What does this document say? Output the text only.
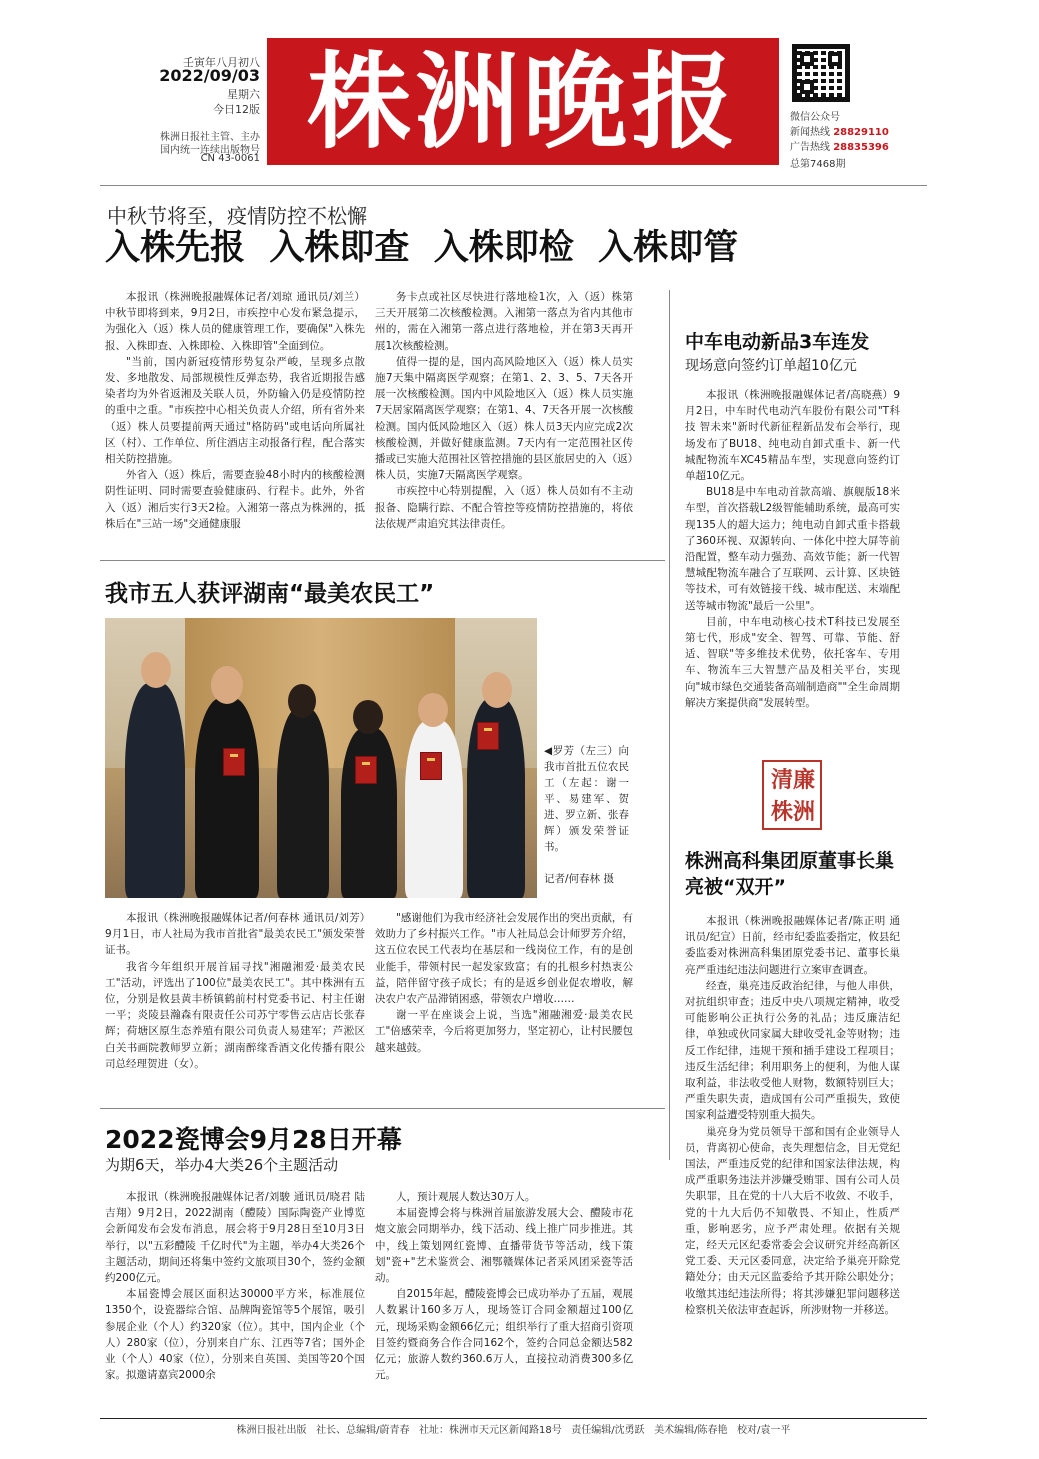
壬寅年八月初八
2022/09/03
星期六
今日12版
株洲日报社主管、主办
国内统一连续出版物号
CN 43-0061 株洲晚报	微信公众号
新闻热线 28829110
广告热线 28835396
总第7468期
中秋节将至，疫情防控不松懈
入株先报  入株即查  入株即检  入株即管

本报讯（株洲晚报融媒体记者/刘琼 通讯员/刘兰）中秋节即将到来，9月2日，市疾控中心发布紧急提示，为强化入（返）株人员的健康管理工作，要确保"入株先报、入株即查、入株即检、入株即管"全面到位。

"当前，国内新冠疫情形势复杂严峻，呈现多点散发、多地散发、局部规模性反弹态势，我省近期报告感染者均为外省返湘及关联人员，外防输入仍是疫情防控的重中之重。"市疾控中心相关负责人介绍，所有省外来（返）株人员要提前两天通过"格防码"或电话向所属社区（村）、工作单位、所住酒店主动报备行程，配合落实相关防控措施。

外省入（返）株后，需要查验48小时内的核酸检测阴性证明、同时需要查验健康码、行程卡。此外，外省入（返）湘后实行3天2检。入湘第一落点为株洲的，抵株后在"三站一场"交通健康服

务卡点或社区尽快进行落地检1次，入（返）株第三天开展第二次核酸检测。入湘第一落点为省内其他市州的，需在入湘第一落点进行落地检，并在第3天再开展1次核酸检测。

值得一提的是，国内高风险地区入（返）株人员实施7天集中隔离医学观察；在第1、2、3、5、7天各开展一次核酸检测。国内中风险地区入（返）株人员实施7天居家隔离医学观察；在第1、4、7天各开展一次核酸检测。国内低风险地区入（返）株人员3天内应完成2次核酸检测，并做好健康监测。7天内有一定范围社区传播或已实施大范围社区管控措施的县区旅居史的入（返）株人员，实施7天隔离医学观察。

市疾控中心特别提醒，入（返）株人员如有不主动报备、隐瞒行踪、不配合管控等疫情防控措施的，将依法依规严肃追究其法律责任。

中车电动新品3车连发
现场意向签约订单超10亿元

本报讯（株洲晚报融媒体记者/高晓燕）9月2日，中车时代电动汽车股份有限公司"T科技 智未来"新时代新征程新品发布会举行，现场发布了BU18、纯电动自卸式重卡、新一代城配物流车XC45精品车型，实现意向签约订单超10亿元。

BU18是中车电动首款高端、旗舰版18米车型，首次搭载L2级智能辅助系统，最高可实现135人的超大运力；纯电动自卸式重卡搭载了360环视、双源转向、一体化中控大屏等前沿配置，整车动力强劲、高效节能；新一代智慧城配物流车融合了互联网、云计算、区块链等技术，可有效链接干线、城市配送、末端配送等城市物流"最后一公里"。

目前，中车电动核心技术T科技已发展至第七代，形成"安全、智驾、可靠、节能、舒适、智联"等多维技术优势，依托客车、专用车、物流车三大智慧产品及相关平台，实现向"城市绿色交通装备高端制造商""全生命周期解决方案提供商"发展转型。

我市五人获评湖南“最美农民工”
◀罗芳（左三）向我市首批五位农民工（左起：谢一平、易建军、贺进、罗立新、张春辉）颁发荣誉证书。
记者/何春林 摄

本报讯（株洲晚报融媒体记者/何春林 通讯员/刘芳）9月1日，市人社局为我市首批省"最美农民工"颁发荣誉证书。

我省今年组织开展首届寻找"湘融湘爱·最美农民工"活动，评选出了100位"最美农民工"。其中株洲有五位，分别是攸县黄丰桥镇鹤前村村党委书记、村主任谢一平；炎陵县瀚森有限责任公司苏宁零售云店店长张春辉；荷塘区原生态养殖有限公司负责人易建军；芦淞区白关书画院教师罗立新；湖南醉缘香酒文化传播有限公司总经理贺进（女）。

"感谢他们为我市经济社会发展作出的突出贡献，有效助力了乡村振兴工作。"市人社局总会计师罗芳介绍，这五位农民工代表均在基层和一线岗位工作，有的是创业能手，带领村民一起发家致富；有的扎根乡村热衷公益，陪伴留守孩子成长；有的是返乡创业促农增收，解决农户农产品滞销困惑，带领农户增收……

谢一平在座谈会上说，当选"湘融湘爱·最美农民工"倍感荣幸，今后将更加努力，坚定初心，让村民腰包越来越鼓。

清廉株洲
株洲高科集团原董事长巢亮被“双开”

本报讯（株洲晚报融媒体记者/陈正明 通讯员/纪宣）日前，经市纪委监委指定，攸县纪委监委对株洲高科集团原党委书记、董事长巢亮严重违纪违法问题进行立案审查调查。

经查，巢亮违反政治纪律，与他人串供，对抗组织审查；违反中央八项规定精神，收受可能影响公正执行公务的礼品；违反廉洁纪律，单独或伙同家属大肆收受礼金等财物；违反工作纪律，违规干预和插手建设工程项目；违反生活纪律；利用职务上的便利，为他人谋取利益，非法收受他人财物，数额特别巨大；严重失职失责，造成国有公司严重损失，致使国家利益遭受特别重大损失。

巢亮身为党员领导干部和国有企业领导人员，背离初心使命，丧失理想信念，目无党纪国法，严重违反党的纪律和国家法律法规，构成严重职务违法并涉嫌受贿罪、国有公司人员失职罪，且在党的十八大后不收敛、不收手，党的十九大后仍不知敬畏、不知止，性质严重，影响恶劣，应予严肃处理。依据有关规定，经天元区纪委常委会会议研究并经高新区党工委、天元区委同意，决定给予巢亮开除党籍处分；由天元区监委给予其开除公职处分；收缴其违纪违法所得；将其涉嫌犯罪问题移送检察机关依法审查起诉，所涉财物一并移送。

2022瓷博会9月28日开幕
为期6天，举办4大类26个主题活动

本报讯（株洲晚报融媒体记者/刘駿 通讯员/晓君 陆吉翔）9月2日，2022湖南（醴陵）国际陶瓷产业博览会新闻发布会发布消息，展会将于9月28日至10月3日举行，以"五彩醴陵 千亿时代"为主题，举办4大类26个主题活动，期间还将集中签约文旅项目30个，签约金额约200亿元。

本届瓷博会展区面积达30000平方米，标准展位1350个，设瓷器综合馆、品牌陶瓷馆等5个展馆，吸引参展企业（个人）约320家（位）。其中，国内企业（个人）280家（位），分别来自广东、江西等7省；国外企业（个人）40家（位），分别来自英国、美国等20个国家。拟邀请嘉宾2000余

人，预计观展人数达30万人。

本届瓷博会将与株洲首届旅游发展大会、醴陵市花炮文旅会同期举办，线下活动、线上推广同步推进。其中，线上策划网红瓷博、直播带货节等活动，线下策划"瓷+"艺术鉴赏会、湘鄂赣媒体记者采风团采瓷等活动。

自2015年起，醴陵瓷博会已成功举办了五届，观展人数累计160多万人，现场签订合同金额超过100亿元，现场采购金额66亿元；组织举行了重大招商引资项目签约暨商务合作合同162个，签约合同总金额达582亿元；旅游人数约360.6万人，直接拉动消费300多亿元。

株洲日报社出版   社长、总编辑/蔚青春   社址：株洲市天元区新闻路18号   责任编辑/沈勇跃   美术编辑/陈春艳   校对/袁一平
